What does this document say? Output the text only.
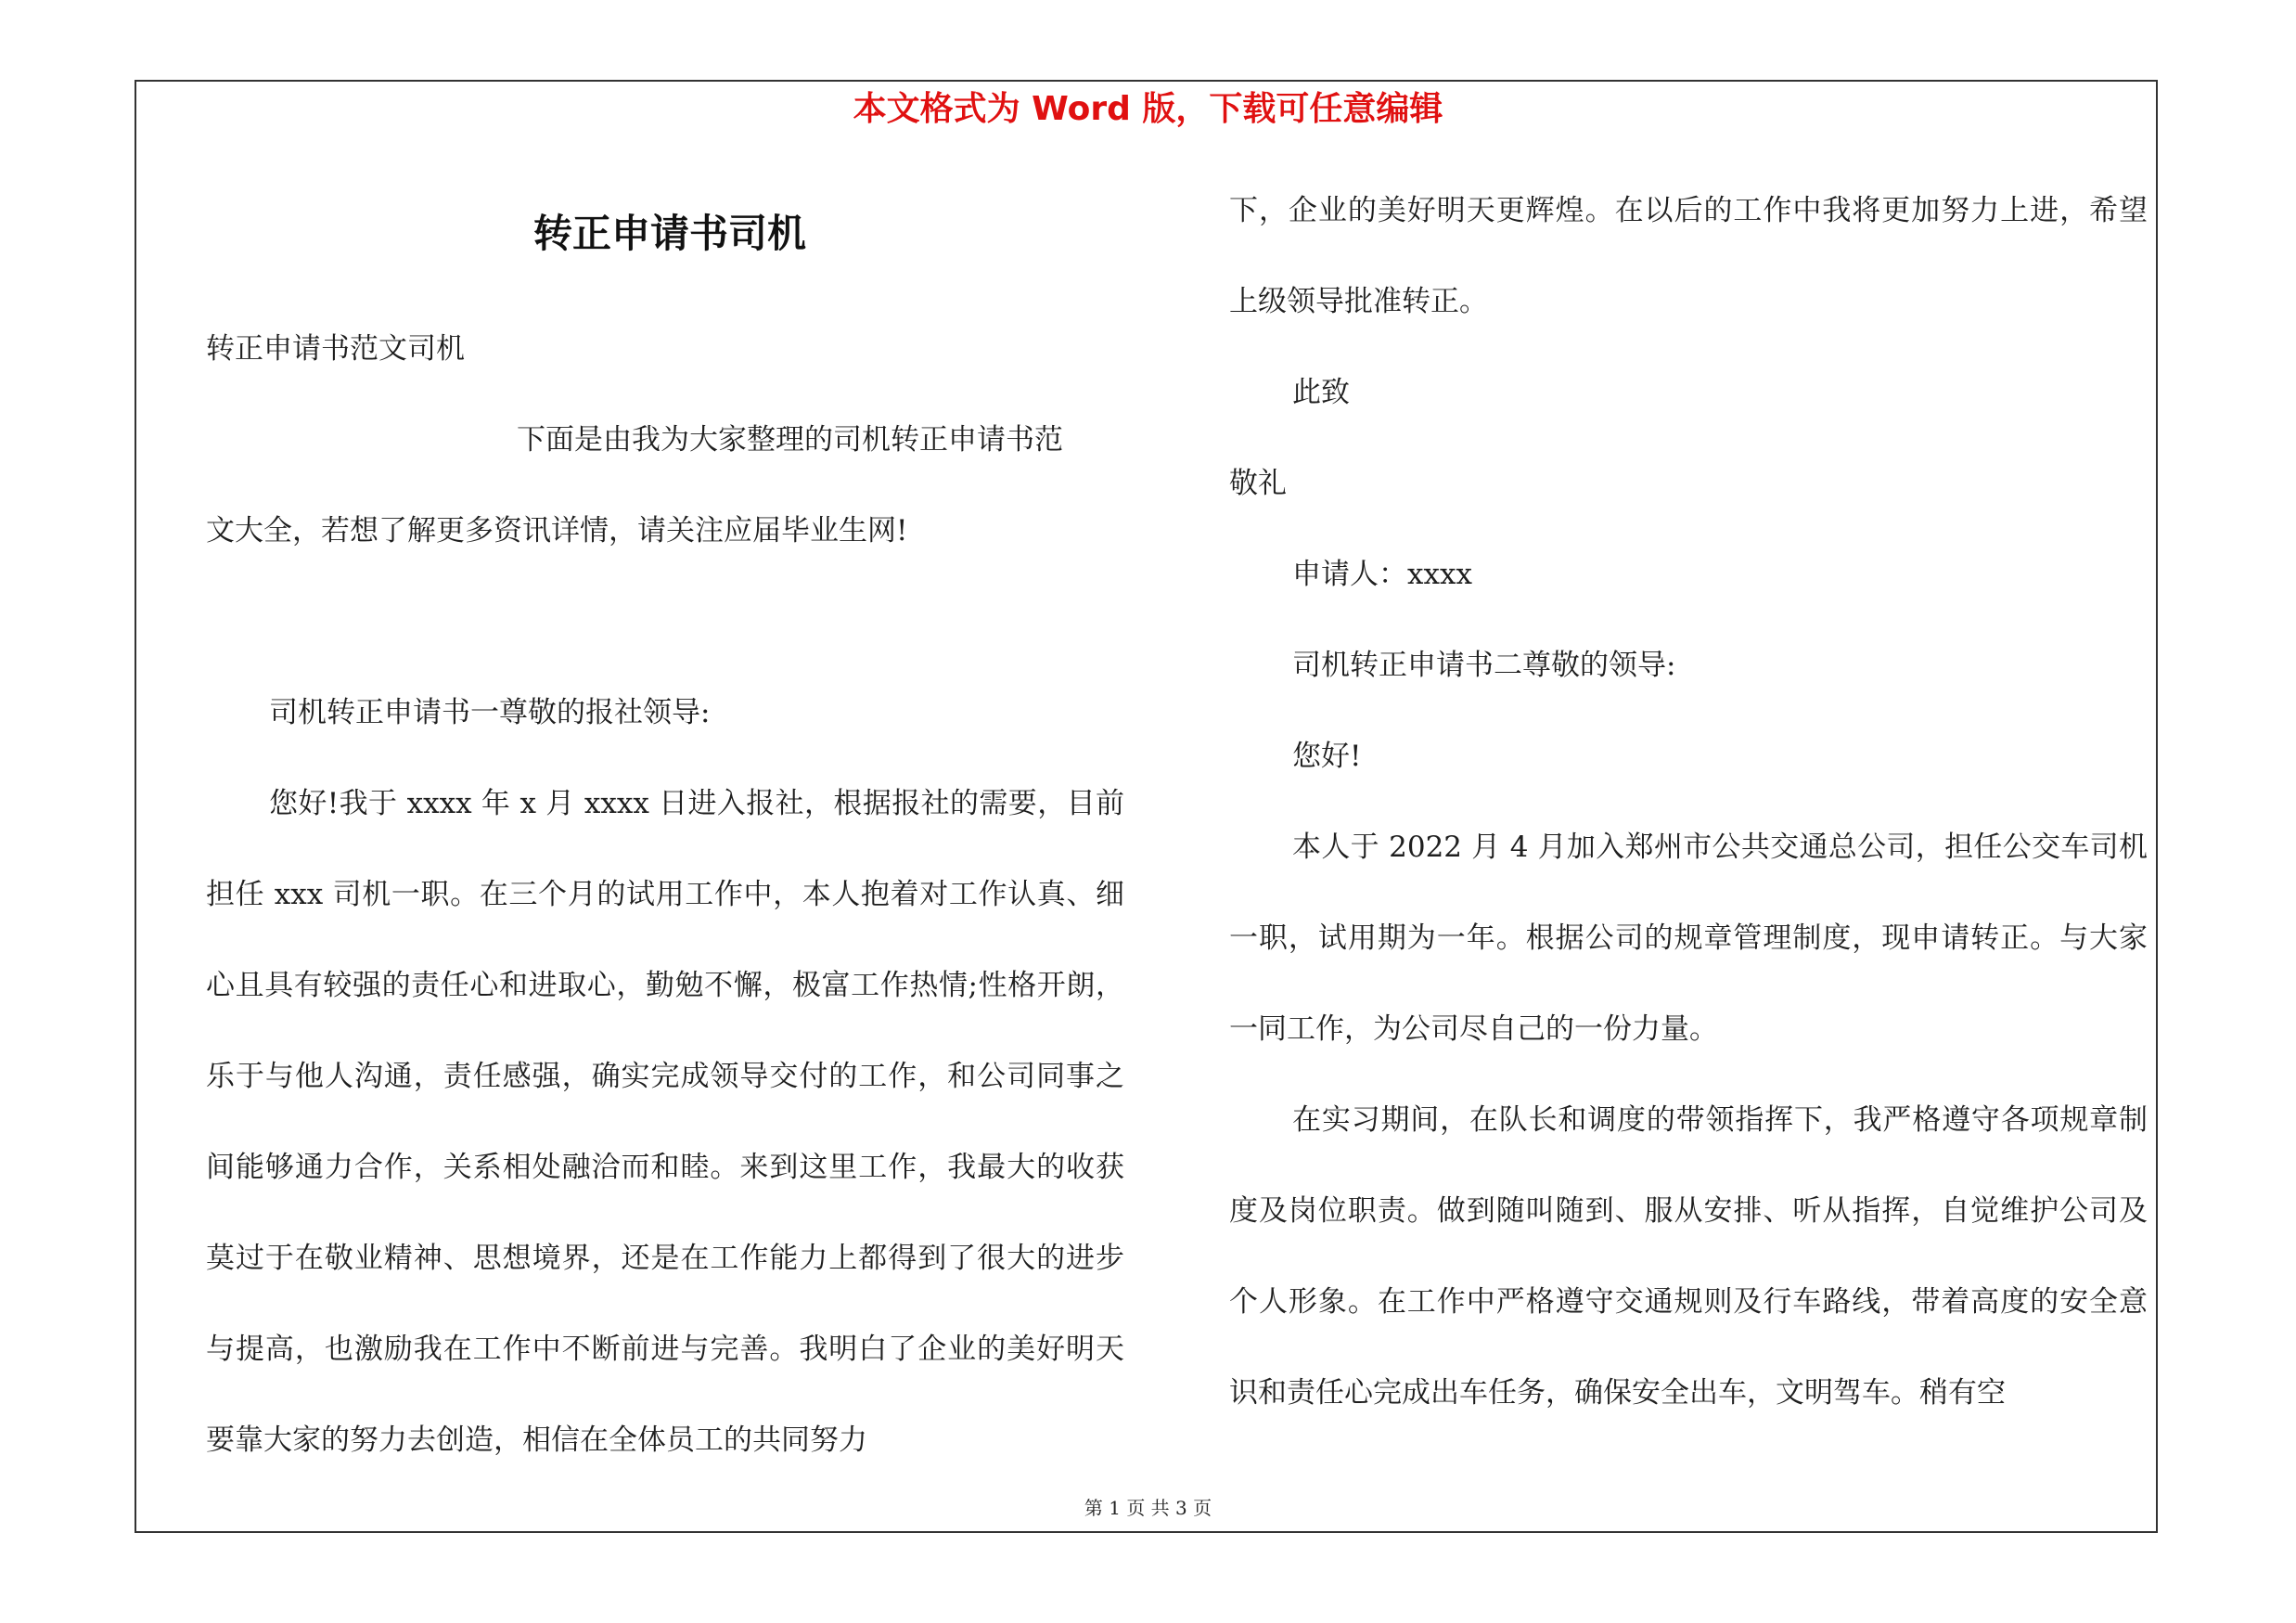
本文格式为 Word 版，下载可任意编辑
转正申请书司机

转正申请书范文司机

下面是由我为大家整理的司机转正申请书范

文大全，若想了解更多资讯详情，请关注应届毕业生网!

司机转正申请书一尊敬的报社领导:

您好!我于 xxxx 年 x 月 xxxx 日进入报社，根据报社的需要，目前担任 xxx 司机一职。在三个月的试用工作中，本人抱着对工作认真、细心且具有较强的责任心和进取心，勤勉不懈，极富工作热情;性格开朗，乐于与他人沟通，责任感强，确实完成领导交付的工作，和公司同事之间能够通力合作，关系相处融洽而和睦。来到这里工作，我最大的收获莫过于在敬业精神、思想境界，还是在工作能力上都得到了很大的进步与提高，也激励我在工作中不断前进与完善。我明白了企业的美好明天要靠大家的努力去创造，相信在全体员工的共同努力

下，企业的美好明天更辉煌。在以后的工作中我将更加努力上进，希望上级领导批准转正。

此致

敬礼

申请人：xxxx

司机转正申请书二尊敬的领导:

您好!

本人于 2022 月 4 月加入郑州市公共交通总公司，担任公交车司机一职，试用期为一年。根据公司的规章管理制度，现申请转正。与大家一同工作，为公司尽自己的一份力量。

在实习期间，在队长和调度的带领指挥下，我严格遵守各项规章制度及岗位职责。做到随叫随到、服从安排、听从指挥，自觉维护公司及个人形象。在工作中严格遵守交通规则及行车路线，带着高度的安全意识和责任心完成出车任务，确保安全出车，文明驾车。稍有空

第 1 页 共 3 页
